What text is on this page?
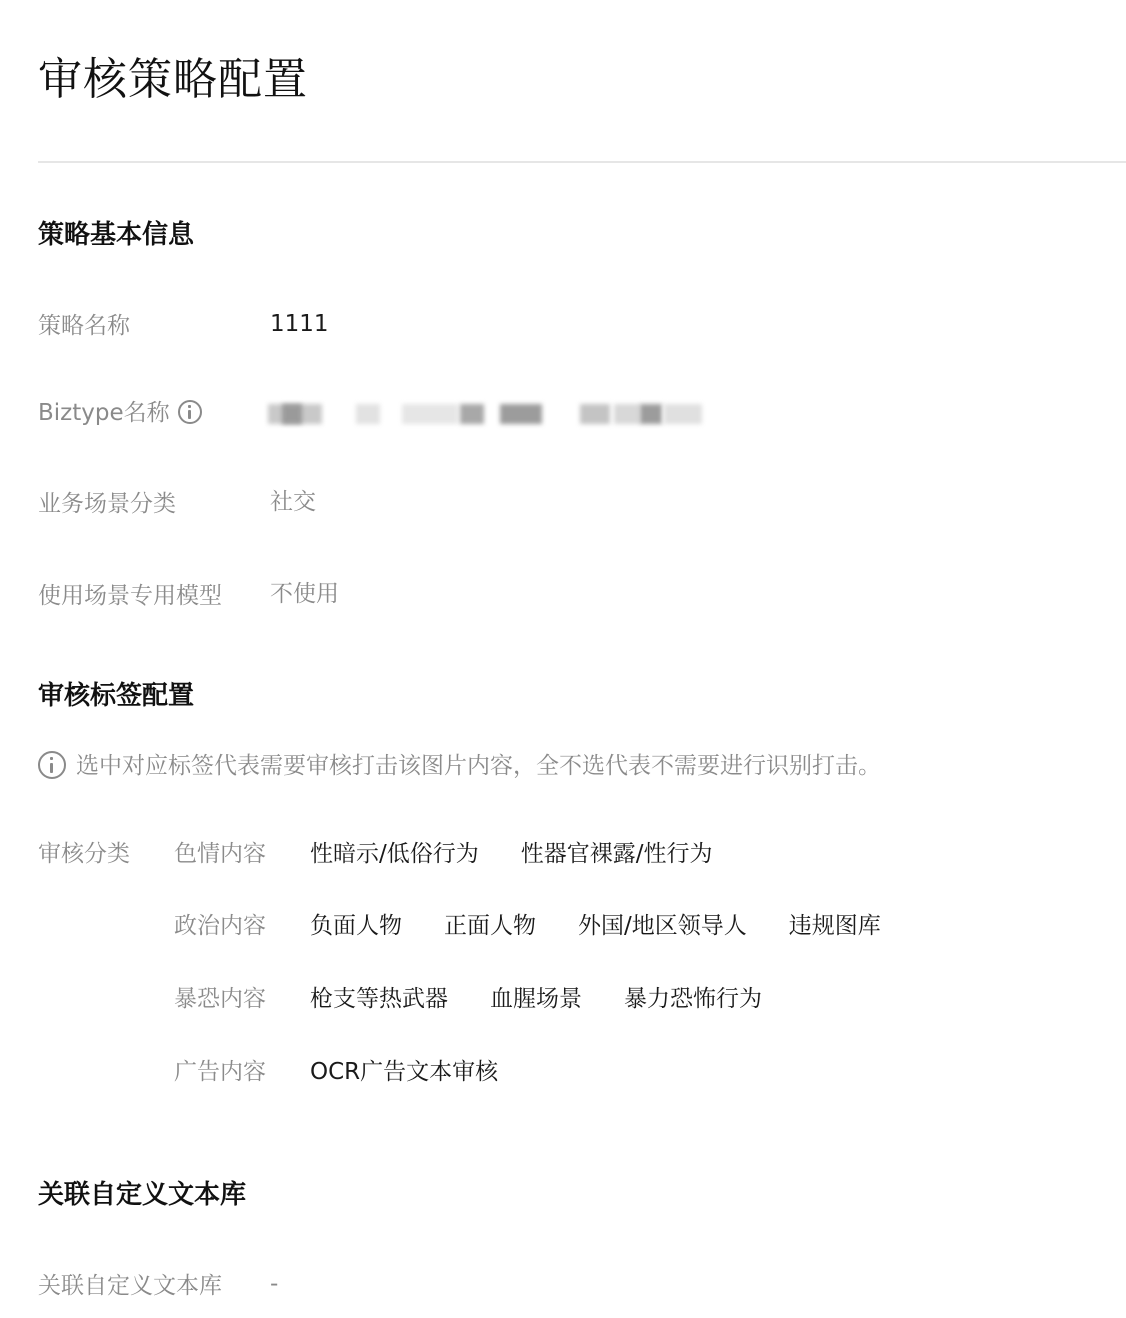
审核策略配置
策略基本信息
策略名称	1111
Biztype名称
业务场景分类	社交
使用场景专用模型 不使用
审核标签配置
选中对应标签代表需要审核打击该图片内容，全不选代表不需要进行识别打击。
审核分类 色情内容 性暗示/低俗行为 性器官裸露/性行为
政治内容 负面人物 正面人物 外国/地区领导人 违规图库
暴恐内容 枪支等热武器 血腥场景 暴力恐怖行为
广告内容 OCR广告文本审核
关联自定义文本库
关联自定义文本库 -
